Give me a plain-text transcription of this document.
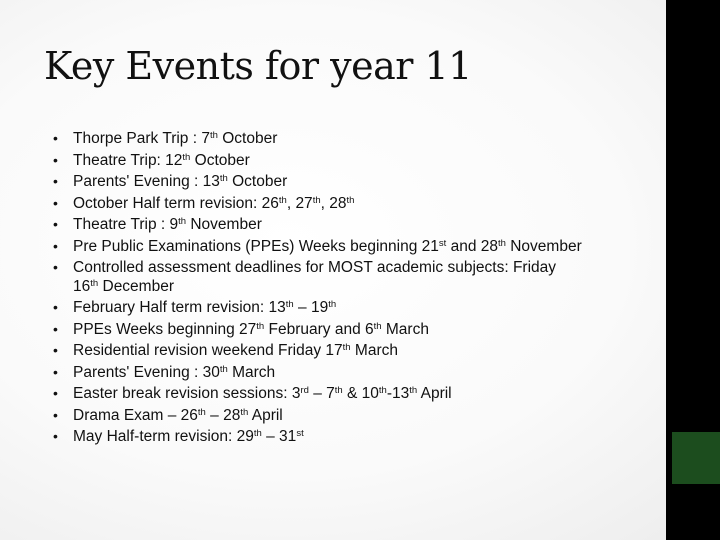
Key Events for year 11
• Thorpe Park Trip : 7th October
• Theatre Trip: 12th October
• Parents' Evening : 13th October
• October Half term revision: 26th, 27th, 28th
• Theatre Trip : 9th November
• Pre Public Examinations (PPEs) Weeks beginning 21st and 28th November
• Controlled assessment deadlines for MOST academic subjects: Friday
16th December
• February Half term revision: 13th – 19th
• PPEs Weeks beginning 27th February and 6th March
• Residential revision weekend Friday 17th March
• Parents' Evening : 30th March
• Easter break revision sessions: 3rd – 7th & 10th-13th April
• Drama Exam – 26th – 28th April
• May Half-term revision: 29th – 31st
